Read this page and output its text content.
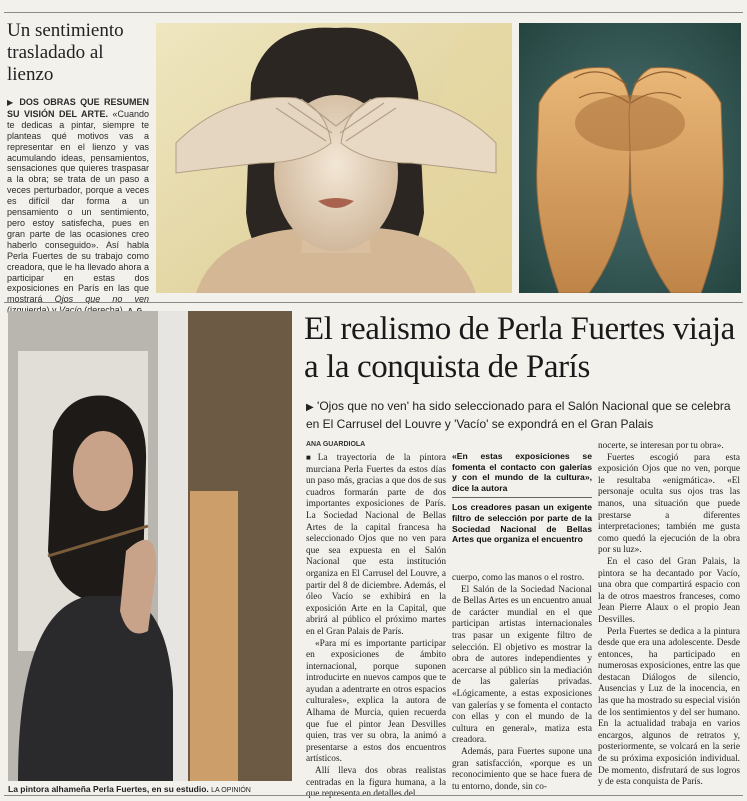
Un sentimiento trasladado al lienzo
▶ DOS OBRAS QUE RESUMEN SU VISIÓN DEL ARTE. «Cuando te dedicas a pintar, siempre te planteas qué motivos vas a representar en el lienzo y vas acumulando ideas, pensamientos, sensaciones que quieres traspasar a la obra; se trata de un paso a veces perturbador, porque a veces es difícil dar forma a un pensamiento o un sentimiento, pero estoy satisfecha, pues en gran parte de las ocasiones creo haberlo conseguido». Así habla Perla Fuertes de su trabajo como creadora, que le ha llevado ahora a participar en estas dos exposiciones en París en las que mostrará Ojos que no ven
La pintora alhameña Perla Fuertes, en su estudio. LA OPINIÓN
El realismo de Perla Fuertes viaja a la conquista de París
▶ 'Ojos que no ven' ha sido seleccionado para el Salón Nacional que se celebra en El Carrusel del Louvre y 'Vacío' se expondrá en el Gran Palais
ANA GUARDIOLA

■La trayectoria de la pintora murciana Perla Fuertes da estos días un paso más, gracias a que dos de sus cuadros formarán parte de dos importantes exposiciones de París. La Sociedad Nacional de Bellas Artes de la capital francesa ha seleccionado Ojos que no ven para que sea expuesta en el Salón Nacional que esta institución organiza en El Carrusel del Louvre, a partir del 8 de diciembre. Además, el óleo Vacío se exhibirá en la exposición Arte en la Capital, que abrirá al público el próximo martes en el Gran Palais de París.

«Para mí es importante participar en exposiciones de ámbito internacional, porque suponen introducirte en nuevos campos que te ayudan a adentrarte en otros espacios culturales», explica la autora de Alhama de Murcia, quien recuerda que fue el pintor Jean Desvilles quien, tras ver su obra, la animó a presentarse a estos dos encuentros artísticos.

Allí lleva dos obras realistas centradas en la figura humana, a la que representa en detalles del

«En estas exposiciones se fomenta el contacto con galerías y con el mundo de la cultura», dice la autora
Los creadores pasan un exigente filtro de selección por parte de la Sociedad Nacional de Bellas Artes que organiza el encuentro

cuerpo, como las manos o el rostro.

El Salón de la Sociedad Nacional de Bellas Artes es un encuentro anual de carácter mundial en el que participan artistas internacionales tras pasar un exigente filtro de selección. El objetivo es mostrar la obra de autores independientes y acercarse al público sin la mediación de las galerías privadas. «Lógicamente, a estas exposiciones van galerías y se fomenta el contacto con ellas y con el mundo de la cultura en general», matiza esta creadora.

Además, para Fuertes supone una gran satisfacción, «porque es un reconocimiento que se hace fuera de tu entorno, donde, sin co-

nocerte, se interesan por tu obra».

Fuertes escogió para esta exposición Ojos que no ven, porque le resultaba «enigmática». «El personaje oculta sus ojos tras las manos, una situación que puede prestarse a diferentes interpretaciones; también me gusta como quedó la ejecución de la obra por su luz».

En el caso del Gran Palais, la pintora se ha decantado por Vacío, una obra que compartirá espacio con la de otros maestros franceses, como Jean Pierre Alaux o el propio Jean Desvilles.

Perla Fuertes se dedica a la pintura desde que era una adolescente. Desde entonces, ha participado en numerosas exposiciones, entre las que destacan Diálogos de silencio, Ausencias y Luz de la inocencia, en las que ha mostrado su especial visión de los sentimientos y del ser humano. En la actualidad trabaja en varios encargos, algunos de retratos y, posteriormente, se volcará en la serie de su próxima exposición individual. De momento, disfrutará de sus logros y de esta conquista de París.
